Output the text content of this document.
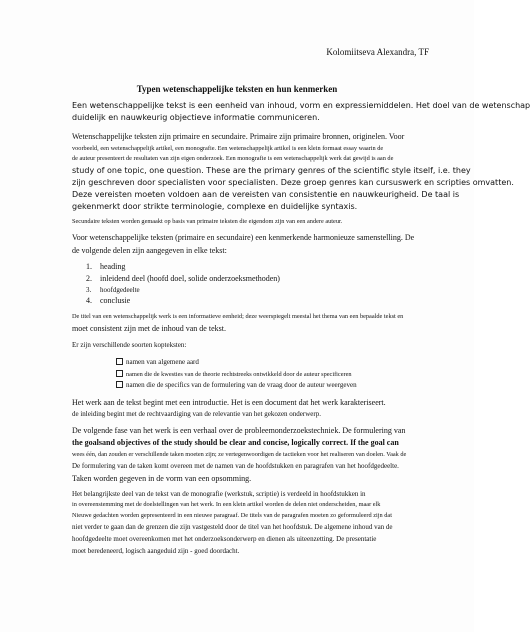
Kolomiitseva Alexandra, TF
Typen wetenschappelijke teksten en hun kenmerken
Een wetenschappelijke tekst is een eenheid van inhoud, vorm en expressiemiddelen. Het doel van de wetenschap
duidelijk en nauwkeurig objectieve informatie communiceren.
Wetenschappelijke teksten zijn primaire en secundaire. Primaire zijn primaire bronnen, originelen. Voor
voorbeeld, een wetenschappelijk artikel, een monografie. Een wetenschappelijk artikel is een klein formaat essay waarin de
de auteur presenteert de resultaten van zijn eigen onderzoek. Een monografie is een wetenschappelijk werk dat gewijd is aan de
study of one topic, one question. These are the primary genres of the scientific style itself, i.e. they
zijn geschreven door specialisten voor specialisten. Deze groep genres kan cursuswerk en scripties omvatten.
Deze vereisten moeten voldoen aan de vereisten van consistentie en nauwkeurigheid. De taal is
gekenmerkt door strikte terminologie, complexe en duidelijke syntaxis.
Secundaire teksten worden gemaakt op basis van primaire teksten die eigendom zijn van een andere auteur.
Voor wetenschappelijke teksten (primaire en secundaire) een kenmerkende harmonieuze samenstelling. De
de volgende delen zijn aangegeven in elke tekst:
1. heading
2. inleidend deel (hoofd doel, solide onderzoeksmethoden)
3. hoofdgedeelte
4. conclusie
De titel van een wetenschappelijk werk is een informatieve eenheid; deze weerspiegelt meestal het thema van een bepaalde tekst en
moet consistent zijn met de inhoud van de tekst.
Er zijn verschillende soorten kopteksten:
namen van algemene aard
namen die de kwesties van de theorie rechtstreeks ontwikkeld door de auteur specificeren
namen die de specifics van de formulering van de vraag door de auteur weergeven
Het werk aan de tekst begint met een introductie. Het is een document dat het werk karakteriseert.
de inleiding begint met de rechtvaardiging van de relevantie van het gekozen onderwerp.
De volgende fase van het werk is een verhaal over de probleemonderzoekstechniek. De formulering van
the goalsand objectives of the study should be clear and concise, logically correct. If the goal can
wees één, dan zouden er verschillende taken moeten zijn; ze vertegenwoordigen de tactieken voor het realiseren van doelen. Vaak de
De formulering van de taken komt overeen met de namen van de hoofdstukken en paragrafen van het hoofdgedeelte.
Taken worden gegeven in de vorm van een opsomming.
Het belangrijkste deel van de tekst van de monografie (werkstuk, scriptie) is verdeeld in hoofdstukken in
in overeenstemming met de doelstellingen van het werk. In een klein artikel worden de delen niet onderscheiden, maar elk
Nieuwe gedachten worden gepresenteerd in een nieuwe paragraaf. De titels van de paragrafen moeten zo geformuleerd zijn dat
niet verder te gaan dan de grenzen die zijn vastgesteld door de titel van het hoofdstuk. De algemene inhoud van de
hoofdgedeelte moet overeenkomen met het onderzoeksonderwerp en dienen als uiteenzetting. De presentatie
moet beredeneerd, logisch aangeduid zijn - goed doordacht.
